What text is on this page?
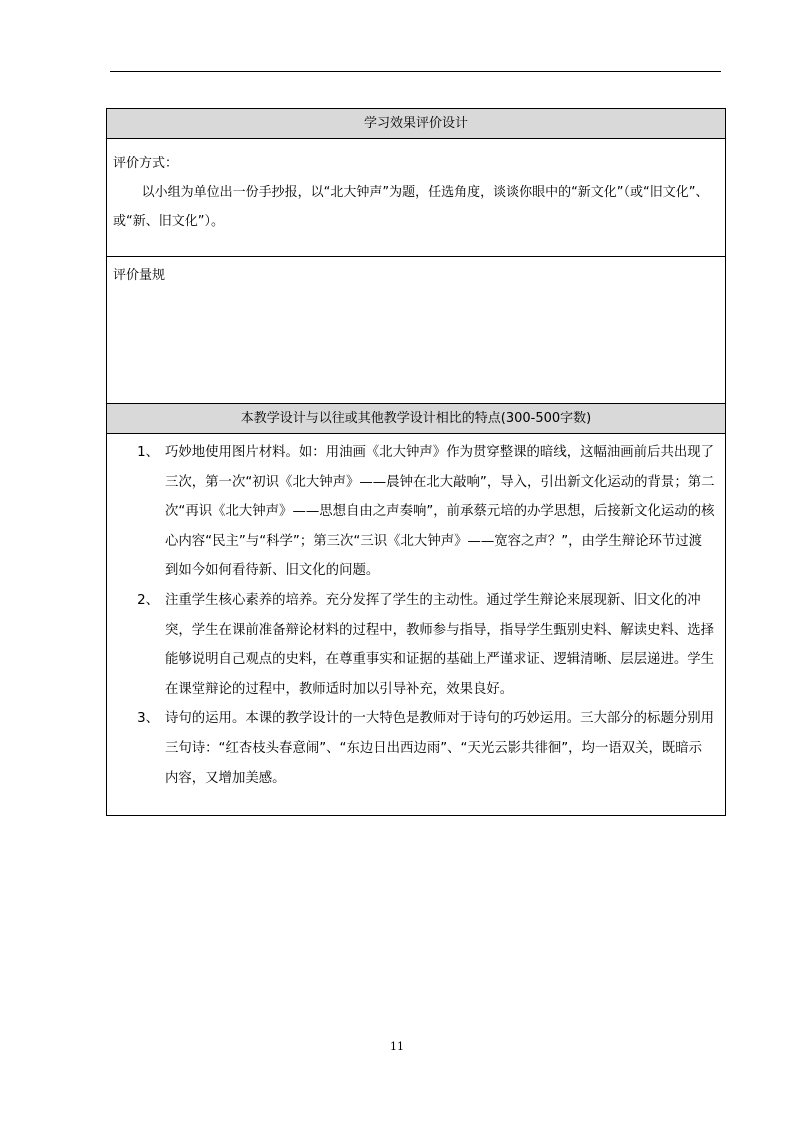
学习效果评价设计

评价方式：

以小组为单位出一份手抄报，以“北大钟声”为题，任选角度，谈谈你眼中的“新文化”（或“旧文化”、或“新、旧文化”）。

评价量规

本教学设计与以往或其他教学设计相比的特点(300-500字数)
1、 巧妙地使用图片材料。如：用油画《北大钟声》作为贯穿整课的暗线，这幅油画前后共出现了三次，第一次“初识《北大钟声》——晨钟在北大敲响”，导入，引出新文化运动的背景；第二次“再识《北大钟声》——思想自由之声奏响”，前承蔡元培的办学思想，后接新文化运动的核心内容“民主”与“科学”；第三次“三识《北大钟声》——宽容之声？”，由学生辩论环节过渡到如今如何看待新、旧文化的问题。
2、 注重学生核心素养的培养。充分发挥了学生的主动性。通过学生辩论来展现新、旧文化的冲突，学生在课前准备辩论材料的过程中，教师参与指导，指导学生甄别史料、解读史料、选择能够说明自己观点的史料，在尊重事实和证据的基础上严谨求证、逻辑清晰、层层递进。学生在课堂辩论的过程中，教师适时加以引导补充，效果良好。
3、 诗句的运用。本课的教学设计的一大特色是教师对于诗句的巧妙运用。三大部分的标题分别用三句诗：“红杏枝头春意闹”、“东边日出西边雨”、“天光云影共徘徊”，均一语双关，既暗示内容，又增加美感。
11
